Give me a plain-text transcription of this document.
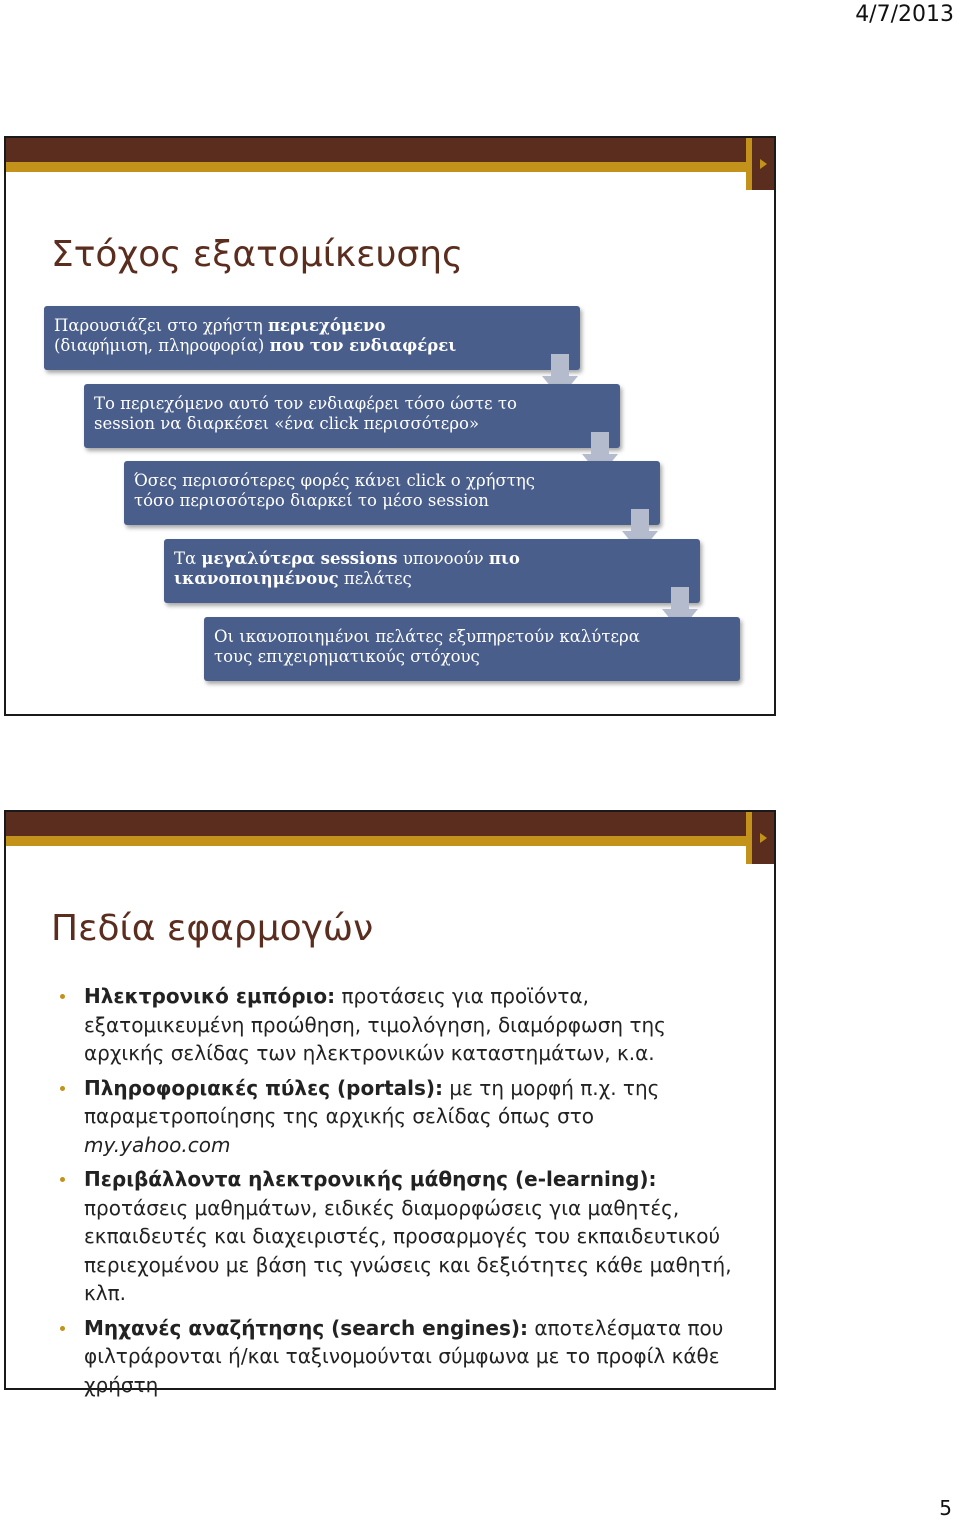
4/7/2013
Στόχος εξατομίκευσης
Παρουσιάζει στο χρήστη περιεχόμενο
(διαφήμιση, πληροφορία) που τον ενδιαφέρει
Το περιεχόμενο αυτό τον ενδιαφέρει τόσο ώστε το
session να διαρκέσει «ένα click περισσότερο»
Όσες περισσότερες φορές κάνει click ο χρήστης
τόσο περισσότερο διαρκεί το μέσο session
Τα μεγαλύτερα sessions υπονοούν πιο
ικανοποιημένους πελάτες
Οι ικανοποιημένοι πελάτες εξυπηρετούν καλύτερα
τους επιχειρηματικούς στόχους
Πεδία εφαρμογών
Ηλεκτρονικό εμπόριο: προτάσεις για προϊόντα, εξατομικευμένη προώθηση, τιμολόγηση, διαμόρφωση της αρχικής σελίδας των ηλεκτρονικών καταστημάτων, κ.α.
Πληροφοριακές πύλες (portals): με τη μορφή π.χ. της παραμετροποίησης της αρχικής σελίδας όπως στο my.yahoo.com
Περιβάλλοντα ηλεκτρονικής μάθησης (e-learning): προτάσεις μαθημάτων, ειδικές διαμορφώσεις για μαθητές, εκπαιδευτές και διαχειριστές, προσαρμογές του εκπαιδευτικού περιεχομένου με βάση τις γνώσεις και δεξιότητες κάθε μαθητή, κλπ.
Μηχανές αναζήτησης (search engines): αποτελέσματα που φιλτράρονται ή/και ταξινομούνται σύμφωνα με το προφίλ κάθε χρήστη
5
